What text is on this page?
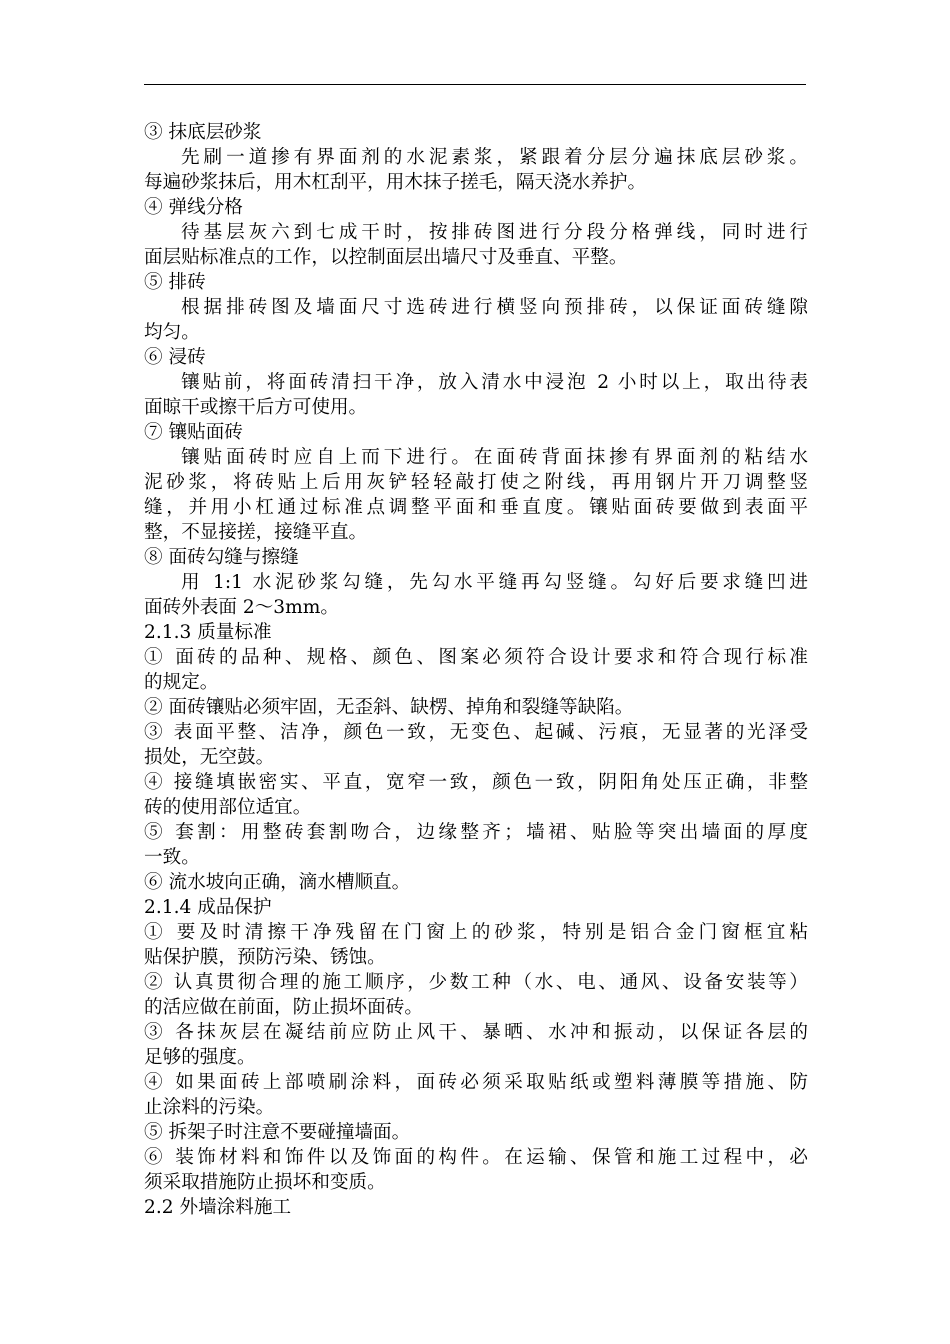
③ 抹底层砂浆
先刷一道掺有界面剂的水泥素浆，紧跟着分层分遍抹底层砂浆。
每遍砂浆抹后，用木杠刮平，用木抹子搓毛，隔天浇水养护。
④ 弹线分格
待基层灰六到七成干时，按排砖图进行分段分格弹线，同时进行
面层贴标准点的工作，以控制面层出墙尺寸及垂直、平整。
⑤ 排砖
根据排砖图及墙面尺寸选砖进行横竖向预排砖，以保证面砖缝隙
均匀。
⑥ 浸砖
镶贴前，将面砖清扫干净，放入清水中浸泡 2 小时以上，取出待表
面晾干或擦干后方可使用。
⑦ 镶贴面砖
镶贴面砖时应自上而下进行。在面砖背面抹掺有界面剂的粘结水
泥砂浆，将砖贴上后用灰铲轻轻敲打使之附线，再用钢片开刀调整竖
缝，并用小杠通过标准点调整平面和垂直度。镶贴面砖要做到表面平
整，不显接搓，接缝平直。
⑧ 面砖勾缝与擦缝
用 1:1 水泥砂浆勾缝，先勾水平缝再勾竖缝。勾好后要求缝凹进
面砖外表面 2～3mm。
2.1.3 质量标准
① 面砖的品种、规格、颜色、图案必须符合设计要求和符合现行标准
的规定。
② 面砖镶贴必须牢固，无歪斜、缺楞、掉角和裂缝等缺陷。
③ 表面平整、洁净，颜色一致，无变色、起碱、污痕，无显著的光泽受
损处，无空鼓。
④ 接缝填嵌密实、平直，宽窄一致，颜色一致，阴阳角处压正确，非整
砖的使用部位适宜。
⑤ 套割：用整砖套割吻合，边缘整齐；墙裙、贴脸等突出墙面的厚度
一致。
⑥ 流水坡向正确，滴水槽顺直。
2.1.4 成品保护
① 要及时清擦干净残留在门窗上的砂浆，特别是铝合金门窗框宜粘
贴保护膜，预防污染、锈蚀。
② 认真贯彻合理的施工顺序，少数工种（水、电、通风、设备安装等）
的活应做在前面，防止损坏面砖。
③ 各抹灰层在凝结前应防止风干、暴晒、水冲和振动，以保证各层的
足够的强度。
④ 如果面砖上部喷刷涂料，面砖必须采取贴纸或塑料薄膜等措施、防
止涂料的污染。
⑤ 拆架子时注意不要碰撞墙面。
⑥ 装饰材料和饰件以及饰面的构件。在运输、保管和施工过程中，必
须采取措施防止损坏和变质。
2.2 外墙涂料施工
